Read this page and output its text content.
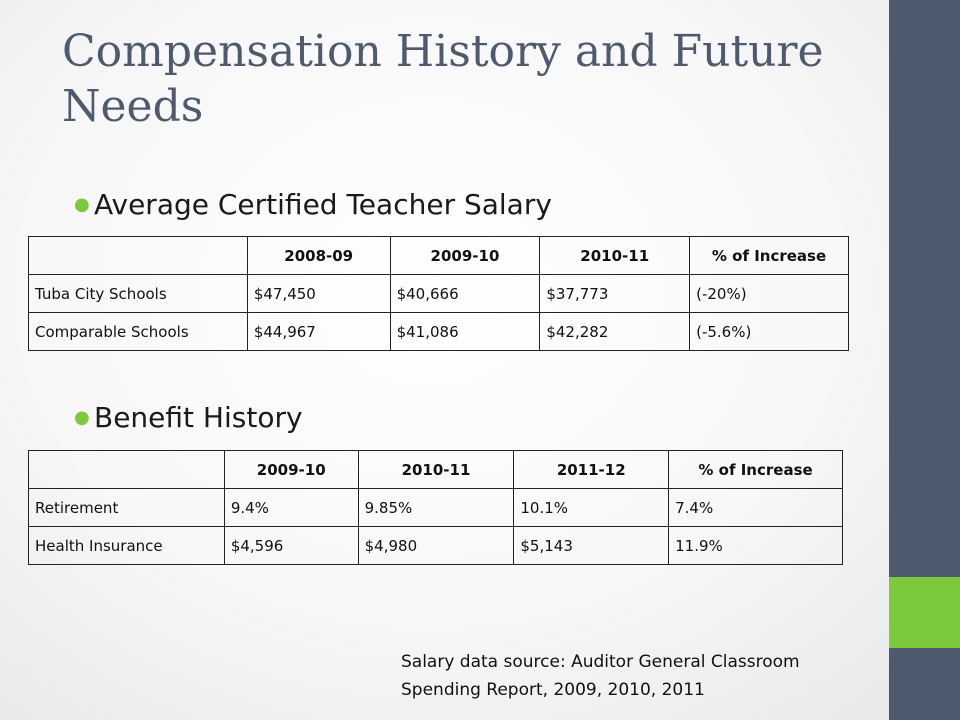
Compensation History and Future Needs
● Average Certified Teacher Salary
	2008-09	2009-10	2010-11	% of Increase
Tuba City Schools	$47,450	$40,666	$37,773	(-20%)
Comparable Schools	$44,967	$41,086	$42,282	(-5.6%)
● Benefit History
	2009-10	2010-11	2011-12	% of Increase
Retirement	9.4%	9.85%	10.1%	7.4%
Health Insurance	$4,596	$4,980	$5,143	11.9%
Salary data source: Auditor General Classroom
Spending Report, 2009, 2010, 2011
